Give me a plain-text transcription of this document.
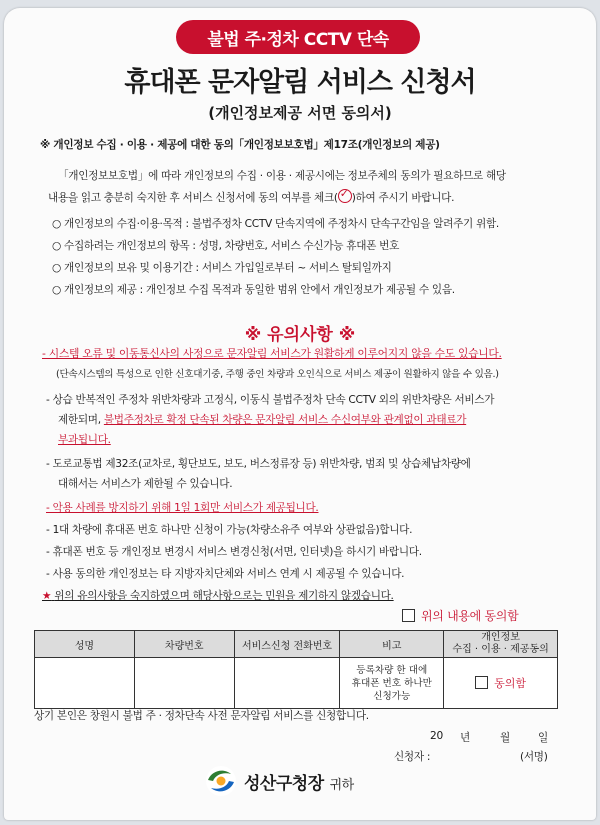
불법 주·정차 CCTV 단속
휴대폰 문자알림 서비스 신청서
(개인정보제공 서면 동의서)
※ 개인정보 수집 · 이용 · 제공에 대한 동의「개인정보보호법」제17조(개인정보의 제공)
「개인정보보호법」에 따라 개인정보의 수집 · 이용 · 제공시에는 정보주체의 동의가 필요하므로 해당
내용을 읽고 충분히 숙지한 후 서비스 신청서에 동의 여부를 체크( ✓ )하여 주시기 바랍니다.
○ 개인정보의 수집·이용·목적 : 불법주정차 CCTV 단속지역에 주정차시 단속구간임을 알려주기 위함.
○ 수집하려는 개인정보의 항목 : 성명, 차량번호, 서비스 수신가능 휴대폰 번호
○ 개인정보의 보유 및 이용기간 : 서비스 가입일로부터 ~ 서비스 탈퇴일까지
○ 개인정보의 제공 : 개인정보 수집 목적과 동일한 범위 안에서 개인정보가 제공될 수 있음.
※ 유의사항 ※
- 시스템 오류 및 이동통신사의 사정으로 문자알림 서비스가 원활하게 이루어지지 않을 수도 있습니다.
(단속시스템의 특성으로 인한 신호대기중, 주행 중인 차량과 오인식으로 서비스 제공이 원활하지 않을 수 있음.)
- 상습 반복적인 주정차 위반차량과 고정식, 이동식 불법주정차 단속 CCTV 외의 위반차량은 서비스가
제한되며, 불법주정차로 확정 단속된 차량은 문자알림 서비스 수신여부와 관계없이 과태료가
부과됩니다.
- 도로교통법 제32조(교차로, 횡단보도, 보도, 버스정류장 등) 위반차량, 범죄 및 상습체납차량에
대해서는 서비스가 제한될 수 있습니다.
- 악용 사례를 방지하기 위해 1일 1회만 서비스가 제공됩니다.
- 1대 차량에 휴대폰 번호 하나만 신청이 가능(차량소유주 여부와 상관없음)합니다.
- 휴대폰 번호 등 개인정보 변경시 서비스 변경신청(서면, 인터넷)을 하시기 바랍니다.
- 사용 동의한 개인정보는 타 지방자치단체와 서비스 연계 시 제공될 수 있습니다.
★ 위의 유의사항을 숙지하였으며 해당사항으로는 민원을 제기하지 않겠습니다.
위의 내용에 동의함
성명	차량번호	서비스신청 전화번호	비고	개인정보
수집 · 이용 · 제공동의

			등록차량 한 대에
휴대폰 번호 하나만
신청가능	동의함
상기 본인은 창원시 불법 주 · 정차단속 사전 문자알림 서비스를 신청합니다.
20 년	월	일
신청자 :	(서명)
성산구청장 귀하
